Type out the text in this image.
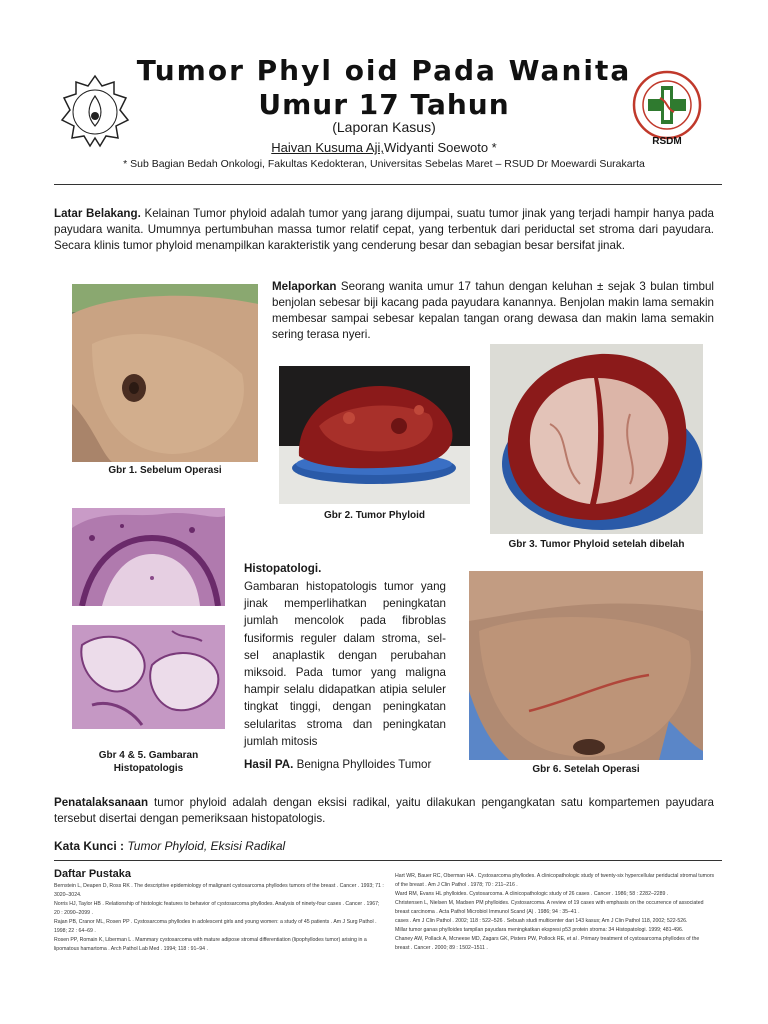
RSDM
Tumor Phyl oid Pada Wanita
Umur 17 Tahun
(Laporan Kasus)
Haivan Kusuma Aji,Widyanti Soewoto *
* Sub Bagian Bedah Onkologi, Fakultas Kedokteran, Universitas Sebelas Maret – RSUD Dr Moewardi Surakarta
Latar Belakang. Kelainan Tumor phyloid adalah tumor yang jarang dijumpai, suatu tumor jinak yang terjadi hampir hanya pada payudara wanita. Umumnya pertumbuhan massa tumor relatif cepat, yang terbentuk dari periductal set stroma dari payudara. Secara klinis tumor phyloid menampilkan karakteristik yang cenderung besar dan sebagian besar bersifat jinak.
Melaporkan Seorang wanita umur 17 tahun dengan keluhan ± sejak 3 bulan timbul benjolan sebesar biji kacang pada payudara kanannya. Benjolan makin lama semakin membesar sampai sebesar kepalan tangan orang dewasa dan makin lama semakin sering terasa nyeri.
Gbr 1. Sebelum Operasi
Gbr 2. Tumor Phyloid
Gbr 3. Tumor Phyloid setelah dibelah
Gbr 4 & 5. Gambaran
Histopatologis
Histopatologi.
Gambaran histopatologis tumor yang jinak memperlihatkan peningkatan jumlah mencolok pada fibroblas fusiformis reguler dalam stroma, sel-sel anaplastik dengan perubahan miksoid. Pada tumor yang maligna hampir selalu didapatkan atipia seluler tingkat tinggi, dengan peningkatan selularitas stroma dan peningkatan jumlah mitosis
Hasil PA. Benigna Phylloides Tumor	Gbr 6. Setelah Operasi
Penatalaksanaan tumor phyloid adalah dengan eksisi radikal, yaitu dilakukan pengangkatan satu kompartemen payudara tersebut disertai dengan pemeriksaan histopatologis.
Kata Kunci : Tumor Phyloid, Eksisi Radikal
Daftar Pustaka

Bernstein L, Deapen D, Ross RK . The descriptive epidemiology of malignant cystosarcoma phyllodes tumors of the breast . Cancer . 1993; 71 : 3020–3024.

Norris HJ, Taylor HB . Relationship of histologic features to behavior of cystosarcoma phyllodes. Analysis of ninety-four cases . Cancer . 1967; 20 : 2090–2099 .

Rajan PB, Cranor ML, Rosen PP . Cystosarcoma phyllodes in adolescent girls and young women: a study of 45 patients . Am J Surg Pathol . 1998; 22 : 64–69 .

Rosen PP, Romain K, Liberman L . Mammary cystosarcoma with mature adipose stromal differentiation (lipophyllodes tumor) arising in a lipomatous hamartoma . Arch Pathol Lab Med . 1994; 118 : 91–94 .

Hart WR, Bauer RC, Oberman HA . Cystosarcoma phyllodes. A clinicopathologic study of twenty-six hypercellular periductal stromal tumors of the breast . Am J Clin Pathol . 1978; 70 : 211–216 .

Ward RM, Evans HL phylloides. Cystosarcoma. A clinicopathologic study of 26 cases . Cancer . 1986; 58 : 2282–2289 .

Christensen L, Nielsen M, Madsen PM phylloides. Cystosarcoma. A review of 19 cases with emphasis on the occurrence of associated breast carcinoma . Acta Pathol Microbiol Immunol Scand (A) . 1986; 94 : 35–41 .

cases . Am J Clin Pathol . 2002; 118 : 522–526 . Sebuah studi multicenter dari 143 kasus; Am J Clin Pathol 118, 2002; 522-526.

Millar tumor ganas phylloides tampilan payudara meningkatkan ekspresi p53 protein stroma: 34 Histopatologi. 1999; 481-496.

Chaney AW, Pollack A, Mcneese MD, Zagars GK, Pisters PW, Pollock RE, et al . Primary treatment of cystosarcoma phyllodes of the breast . Cancer . 2000; 89 : 1502–1511 .
